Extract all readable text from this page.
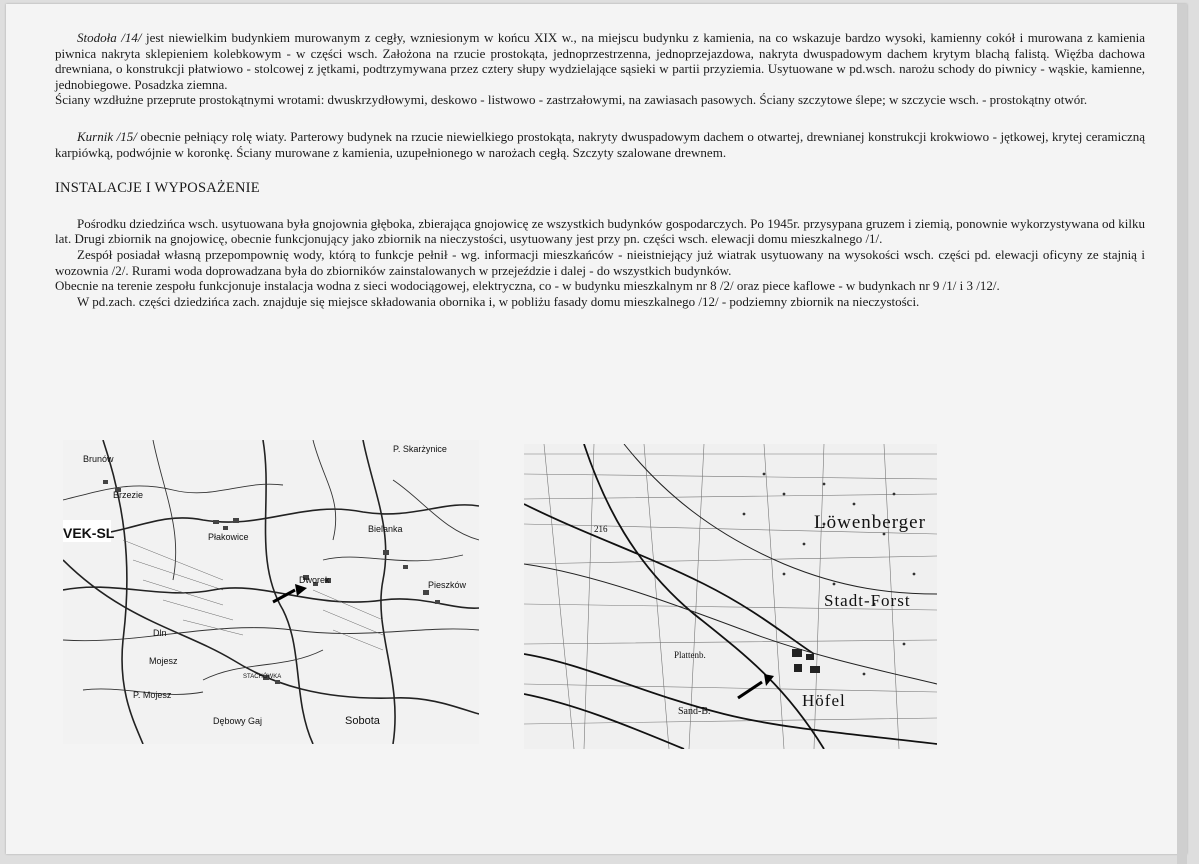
Stodoła /14/ jest niewielkim budynkiem murowanym z cegły, wzniesionym w końcu XIX w., na miejscu budynku z kamienia, na co wskazuje bardzo wysoki, kamienny cokół i murowana z kamienia piwnica nakryta sklepieniem kolebkowym - w części wsch. Założona na rzucie prostokąta, jednoprzestrzenna, jednoprzejazdowa, nakryta dwuspadowym dachem krytym blachą falistą. Więźba dachowa drewniana, o konstrukcji płatwiowo - stolcowej z jętkami, podtrzymywana przez cztery słupy wydzielające sąsieki w partii przyziemia. Usytuowane w pd.wsch. narożu schody do piwnicy - wąskie, kamienne, jednobiegowe. Posadzka ziemna.

Ściany wzdłużne przeprute prostokątnymi wrotami: dwuskrzydłowymi, deskowo - listwowo - zastrzałowymi, na zawiasach pasowych. Ściany szczytowe ślepe; w szczycie wsch. - prostokątny otwór.

Kurnik /15/ obecnie pełniący rolę wiaty. Parterowy budynek na rzucie niewielkiego prostokąta, nakryty dwuspadowym dachem o otwartej, drewnianej konstrukcji krokwiowo - jętkowej, krytej ceramiczną karpiówką, podwójnie w koronkę. Ściany murowane z kamienia, uzupełnionego w narożach cegłą. Szczyty szalowane drewnem.

INSTALACJE I WYPOSAŻENIE

Pośrodku dziedzińca wsch. usytuowana była gnojownia głęboka, zbierająca gnojowicę ze wszystkich budynków gospodarczych. Po 1945r. przysypana gruzem i ziemią, ponownie wykorzystywana od kilku lat. Drugi zbiornik na gnojowicę, obecnie funkcjonujący jako zbiornik na nieczystości, usytuowany jest przy pn. części wsch. elewacji domu mieszkalnego /1/.

Zespół posiadał własną przepompownię wody, którą to funkcje pełnił - wg. informacji mieszkańców - nieistniejący już wiatrak usytuowany na wysokości wsch. części pd. elewacji oficyny ze stajnią i wozownia /2/. Rurami woda doprowadzana była do zbiorników zainstalowanych w przejeździe i dalej - do wszystkich budynków.

Obecnie na terenie zespołu funkcjonuje instalacja wodna z sieci wodociągowej, elektryczna, co - w budynku mieszkalnym nr 8 /2/ oraz piece kaflowe - w budynkach nr 9 /1/ i 3 /12/.

W pd.zach. części dziedzińca zach. znajduje się miejsce składowania obornika i, w pobliżu fasady domu mieszkalnego /12/ - podziemny zbiornik na nieczystości.

P. Skarżynice
Brunów
Brzezie
VEK-SL	Płakowice
Bielanka
Dworek	Pieszków
Dln
Mojesz
P. Mojesz
Dębowy Gaj	Sobota
STACHÓWKA
Löwenberger
Stadt-Forst
Höfel
Sand-B.
216
Plattenb.
